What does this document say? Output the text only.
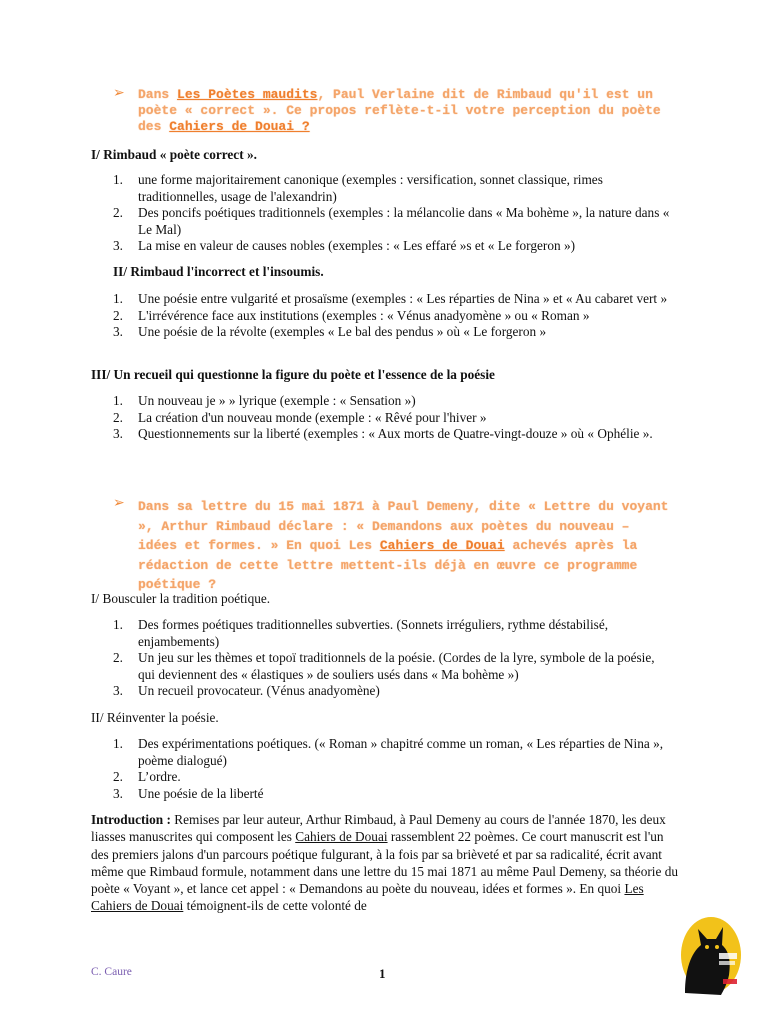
➢ Dans Les Poètes maudits, Paul Verlaine dit de Rimbaud qu'il est un poète « correct ». Ce propos reflète-t-il votre perception du poète des Cahiers de Douai ?
I/ Rimbaud « poète correct ».
1. une forme majoritairement canonique (exemples : versification, sonnet classique, rimes traditionnelles, usage de l'alexandrin)
2. Des poncifs poétiques traditionnels (exemples : la mélancolie dans « Ma bohème », la nature dans « Le Mal)
3. La mise en valeur de causes nobles (exemples : « Les effaré »s et « Le forgeron »)
II/ Rimbaud l'incorrect et l'insoumis.
1. Une poésie entre vulgarité et prosaïsme (exemples : « Les réparties de Nina » et « Au cabaret vert »
2. L'irrévérence face aux institutions (exemples : « Vénus anadyomène » ou « Roman »
3. Une poésie de la révolte (exemples « Le bal des pendus » où « Le forgeron »
III/ Un recueil qui questionne la figure du poète et l'essence de la poésie
1. Un nouveau je » » lyrique (exemple : « Sensation »)
2. La création d'un nouveau monde (exemple : « Rêvé pour l'hiver »
3. Questionnements sur la liberté (exemples : « Aux morts de Quatre-vingt-douze » où « Ophélie ».
➢ Dans sa lettre du 15 mai 1871 à Paul Demeny, dite « Lettre du voyant », Arthur Rimbaud déclare : « Demandons aux poètes du nouveau – idées et formes. » En quoi Les Cahiers de Douai achevés après la rédaction de cette lettre mettent-ils déjà en œuvre ce programme poétique ?
I/ Bousculer la tradition poétique.
1. Des formes poétiques traditionnelles subverties. (Sonnets irréguliers, rythme déstabilisé, enjambements)
2. Un jeu sur les thèmes et topoï traditionnels de la poésie. (Cordes de la lyre, symbole de la poésie, qui deviennent des « élastiques » de souliers usés dans « Ma bohème »)
3. Un recueil provocateur. (Vénus anadyomène)
II/ Réinventer la poésie.
1. Des expérimentations poétiques. (« Roman » chapitré comme un roman, « Les réparties de Nina », poème dialogué)
2. L’ordre.
3. Une poésie de la liberté
Introduction : Remises par leur auteur, Arthur Rimbaud, à Paul Demeny au cours de l'année 1870, les deux liasses manuscrites qui composent les Cahiers de Douai rassemblent 22 poèmes. Ce court manuscrit est l'un des premiers jalons d'un parcours poétique fulgurant, à la fois par sa brièveté et par sa radicalité, écrit avant même que Rimbaud formule, notamment dans une lettre du 15 mai 1871 au même Paul Demeny, sa théorie du poète « Voyant », et lance cet appel : « Demandons au poète du nouveau, idées et formes ». En quoi Les Cahiers de Douai témoignent-ils de cette volonté de
C. Caure	1
